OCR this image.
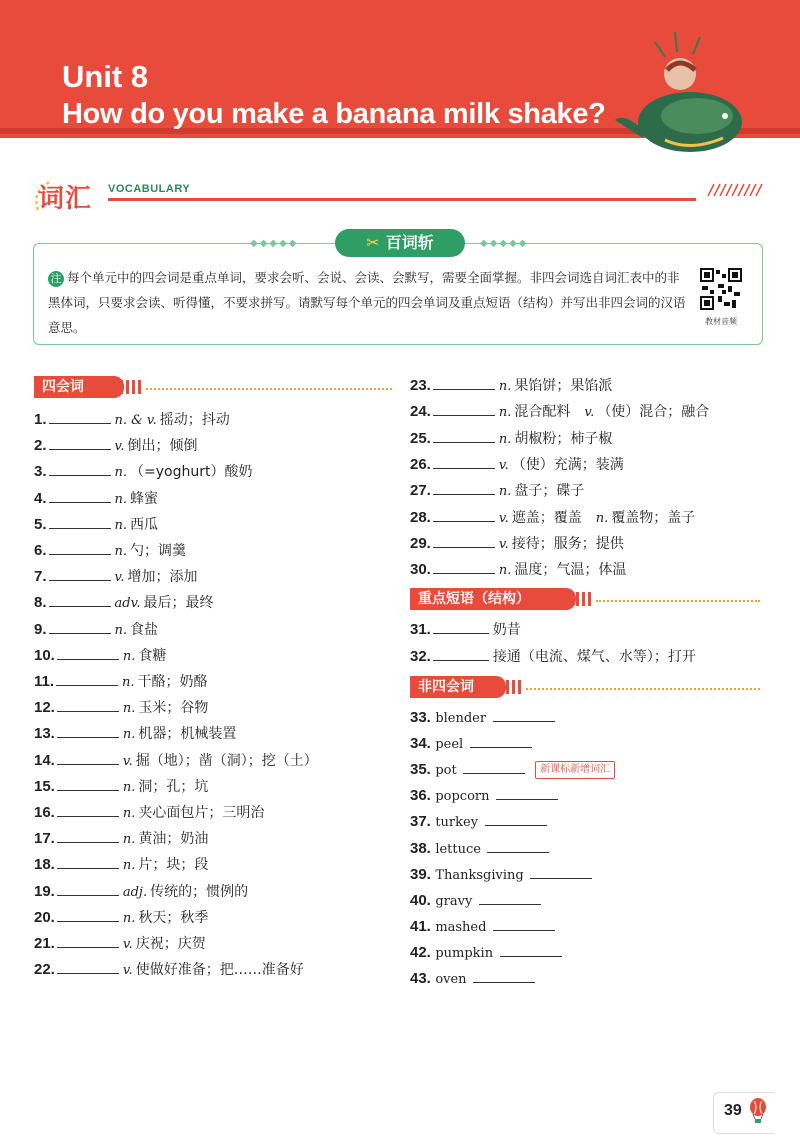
Unit 8
How do you make a banana milk shake?
词汇 VOCABULARY
◆◆◆◆◆	◆◆◆◆◆
✂ 百词斩
注 每个单元中的四会词是重点单词，要求会听、会说、会读、会默写，需要全面掌握。非四会词选自词汇表中的非黑体词，只要求会读、听得懂，不要求拼写。请默写每个单元的四会单词及重点短语（结构）并写出非四会词的汉语意思。	教材音频
四会词
1.	n. & v. 摇动；抖动
2.	v. 倒出；倾倒
3.	n. （=yoghurt）酸奶
4.	n. 蜂蜜
5.	n. 西瓜
6.	n. 勺；调羹
7.	v. 增加；添加
8.	adv. 最后；最终
9.	n. 食盐
10.	n. 食糖
11.	n. 干酪；奶酪
12.	n. 玉米；谷物
13.	n. 机器；机械装置
14.	v. 掘（地）；凿（洞）；挖（土）
15.	n. 洞；孔；坑
16.	n. 夹心面包片；三明治
17.	n. 黄油；奶油
18.	n. 片；块；段
19.	adj. 传统的；惯例的
20.	n. 秋天；秋季
21.	v. 庆祝；庆贺
22.	v. 使做好准备；把……准备好
23.	n. 果馅饼；果馅派
24.	n. 混合配料 v. （使）混合；融合
25.	n. 胡椒粉；柿子椒
26.	v. （使）充满；装满
27.	n. 盘子；碟子
28.	v. 遮盖；覆盖 n. 覆盖物；盖子
29.	v. 接待；服务；提供
30.	n. 温度；气温；体温
重点短语（结构）
31.	奶昔
32.	接通（电流、煤气、水等）；打开
非四会词
33. blender
34. peel
35. pot	新课标新增词汇
36. popcorn
37. turkey
38. lettuce
39. Thanksgiving
40. gravy
41. mashed
42. pumpkin
43. oven
39
